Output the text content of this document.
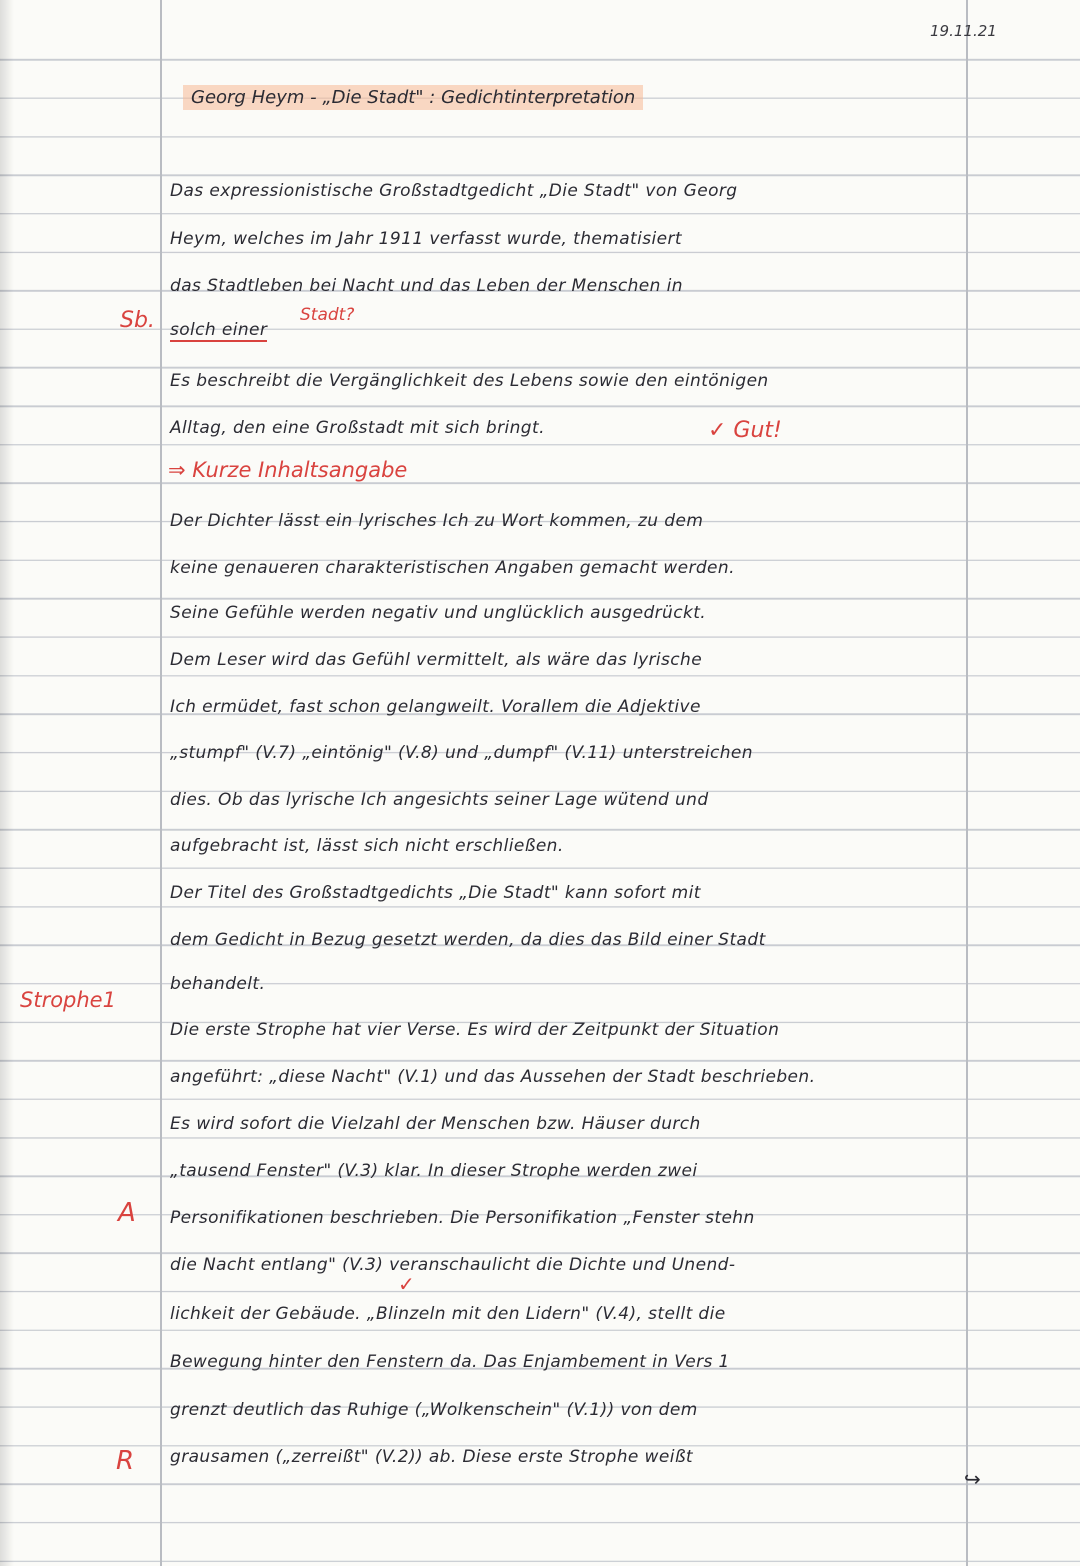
19.11.21
Georg Heym - „Die Stadt" : Gedichtinterpretation
Sb.	Stadt?
Strophe1
A
R
Das expressionistische Großstadtgedicht „Die Stadt" von Georg
Heym, welches im Jahr 1911 verfasst wurde, thematisiert
das Stadtleben bei Nacht und das Leben der Menschen in
solch einer
Es beschreibt die Vergänglichkeit des Lebens sowie den eintönigen
Alltag, den eine Großstadt mit sich bringt.	✓ Gut!
⇒ Kurze Inhaltsangabe
Der Dichter lässt ein lyrisches Ich zu Wort kommen, zu dem
keine genaueren charakteristischen Angaben gemacht werden.
Seine Gefühle werden negativ und unglücklich ausgedrückt.
Dem Leser wird das Gefühl vermittelt, als wäre das lyrische
Ich ermüdet, fast schon gelangweilt. Vorallem die Adjektive
„stumpf" (V.7) „eintönig" (V.8) und „dumpf" (V.11) unterstreichen
dies. Ob das lyrische Ich angesichts seiner Lage wütend und
aufgebracht ist, lässt sich nicht erschließen.
Der Titel des Großstadtgedichts „Die Stadt" kann sofort mit
dem Gedicht in Bezug gesetzt werden, da dies das Bild einer Stadt
behandelt.
Die erste Strophe hat vier Verse. Es wird der Zeitpunkt der Situation
angeführt: „diese Nacht" (V.1) und das Aussehen der Stadt beschrieben.
Es wird sofort die Vielzahl der Menschen bzw. Häuser durch
„tausend Fenster" (V.3) klar. In dieser Strophe werden zwei
Personifikationen beschrieben. Die Personifikation „Fenster stehn
die Nacht entlang" (V.3) veranschaulicht die Dichte und Unend-
✓
lichkeit der Gebäude. „Blinzeln mit den Lidern" (V.4), stellt die
Bewegung hinter den Fenstern da. Das Enjambement in Vers 1
grenzt deutlich das Ruhige („Wolkenschein" (V.1)) von dem
grausamen („zerreißt" (V.2)) ab. Diese erste Strophe weißt
↪
